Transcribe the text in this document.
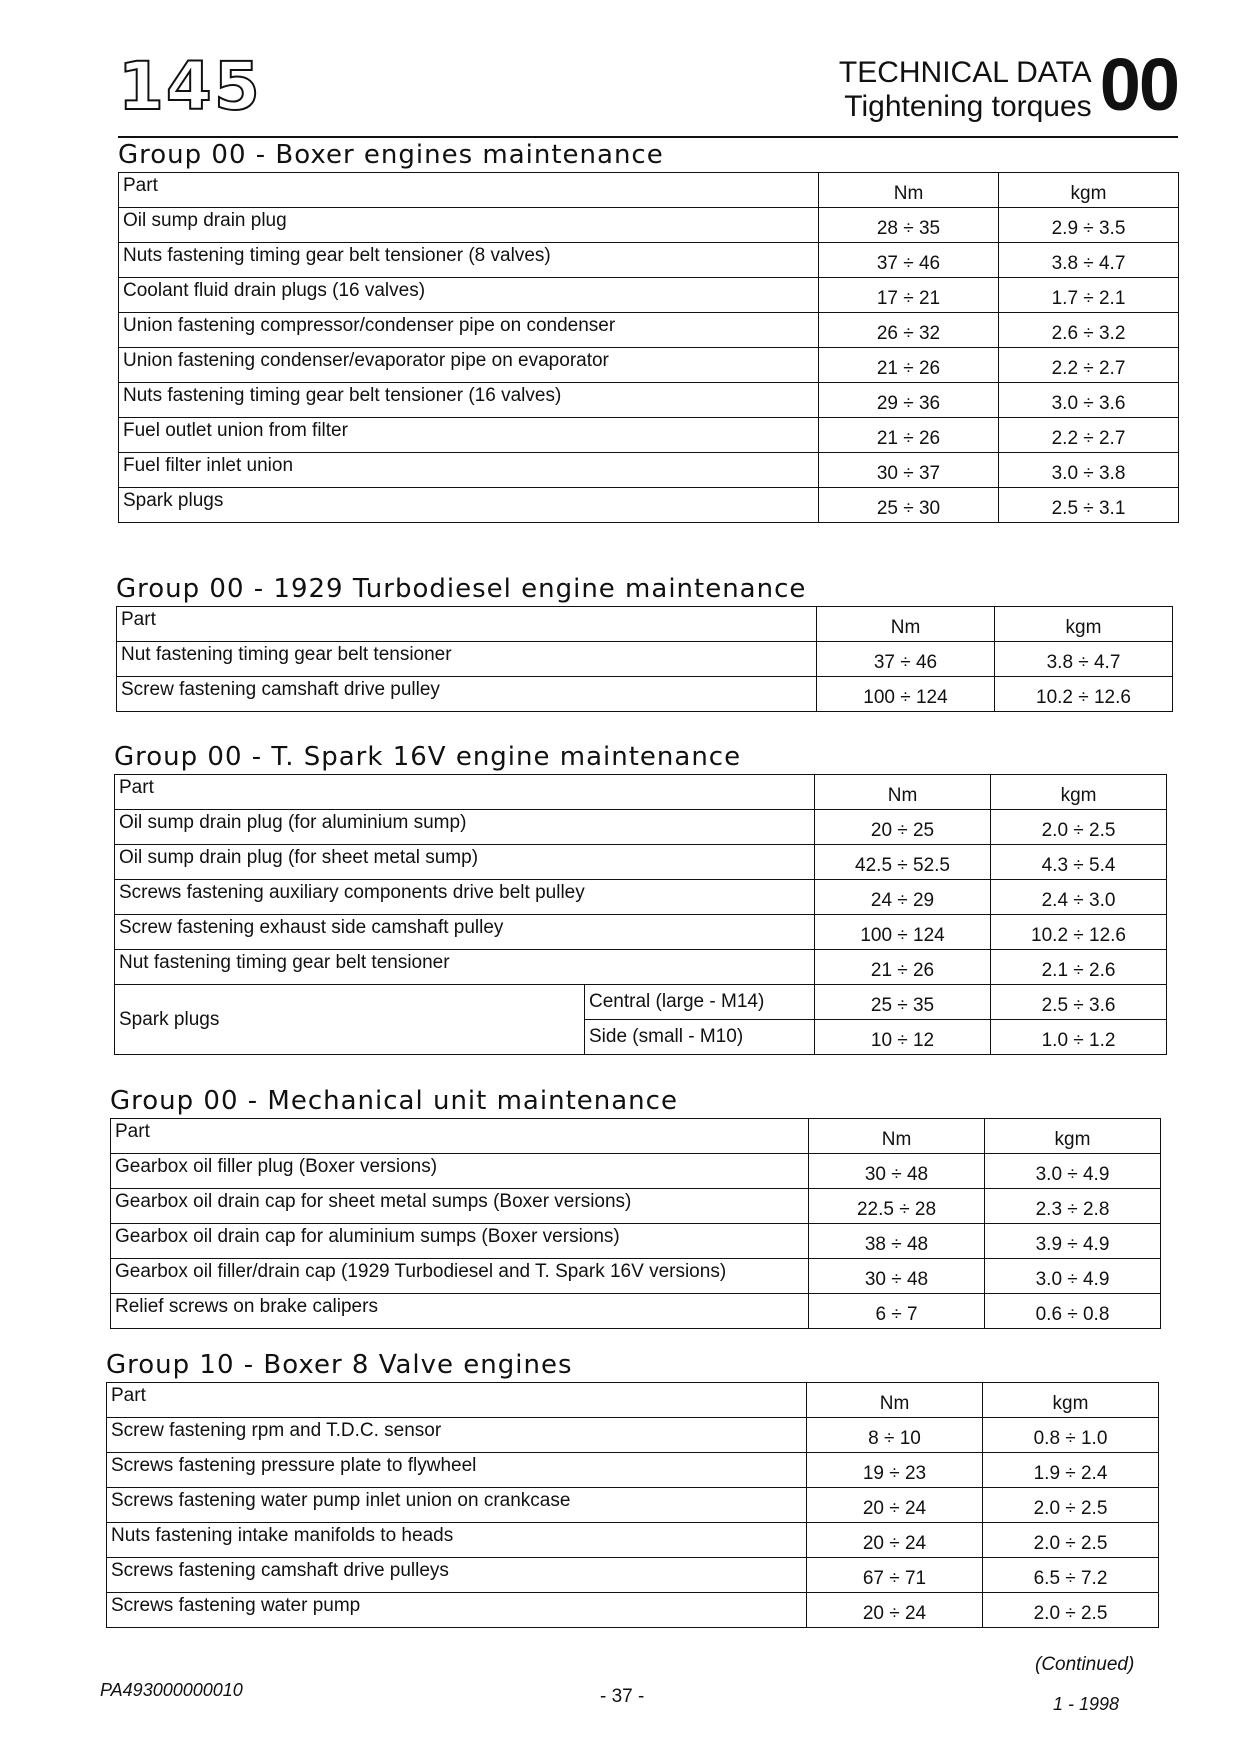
145	TECHNICAL DATA
Tightening torques 00
Group 00 - Boxer engines maintenance
Part	Nm	kgm
Oil sump drain plug	28 ÷ 35	2.9 ÷ 3.5
Nuts fastening timing gear belt tensioner (8 valves)	37 ÷ 46	3.8 ÷ 4.7
Coolant fluid drain plugs (16 valves)	17 ÷ 21	1.7 ÷ 2.1
Union fastening compressor/condenser pipe on condenser	26 ÷ 32	2.6 ÷ 3.2
Union fastening condenser/evaporator pipe on evaporator	21 ÷ 26	2.2 ÷ 2.7
Nuts fastening timing gear belt tensioner (16 valves)	29 ÷ 36	3.0 ÷ 3.6
Fuel outlet union from filter	21 ÷ 26	2.2 ÷ 2.7
Fuel filter inlet union	30 ÷ 37	3.0 ÷ 3.8
Spark plugs	25 ÷ 30	2.5 ÷ 3.1
Group 00 - 1929 Turbodiesel engine maintenance
Part	Nm	kgm
Nut fastening timing gear belt tensioner	37 ÷ 46	3.8 ÷ 4.7
Screw fastening camshaft drive pulley	100 ÷ 124	10.2 ÷ 12.6
Group 00 - T. Spark 16V engine maintenance
Part		Nm	kgm
Oil sump drain plug (for aluminium sump)		20 ÷ 25	2.0 ÷ 2.5
Oil sump drain plug (for sheet metal sump)		42.5 ÷ 52.5	4.3 ÷ 5.4
Screws fastening auxiliary components drive belt pulley		24 ÷ 29	2.4 ÷ 3.0
Screw fastening exhaust side camshaft pulley		100 ÷ 124	10.2 ÷ 12.6
Nut fastening timing gear belt tensioner		21 ÷ 26	2.1 ÷ 2.6
Spark plugs	Central (large - M14)	25 ÷ 35	2.5 ÷ 3.6
	Side (small - M10)	10 ÷ 12	1.0 ÷ 1.2
Group 00 - Mechanical unit maintenance
Part	Nm	kgm
Gearbox oil filler plug (Boxer versions)	30 ÷ 48	3.0 ÷ 4.9
Gearbox oil drain cap for sheet metal sumps (Boxer versions)	22.5 ÷ 28	2.3 ÷ 2.8
Gearbox oil drain cap for aluminium sumps (Boxer versions)	38 ÷ 48	3.9 ÷ 4.9
Gearbox oil filler/drain cap (1929 Turbodiesel and T. Spark 16V versions)	30 ÷ 48	3.0 ÷ 4.9
Relief screws on brake calipers	6 ÷ 7	0.6 ÷ 0.8
Group 10 - Boxer 8 Valve engines
Part	Nm	kgm
Screw fastening rpm and T.D.C. sensor	8 ÷ 10	0.8 ÷ 1.0
Screws fastening pressure plate to flywheel	19 ÷ 23	1.9 ÷ 2.4
Screws fastening water pump inlet union on crankcase	20 ÷ 24	2.0 ÷ 2.5
Nuts fastening intake manifolds to heads	20 ÷ 24	2.0 ÷ 2.5
Screws fastening camshaft drive pulleys	67 ÷ 71	6.5 ÷ 7.2
Screws fastening water pump	20 ÷ 24	2.0 ÷ 2.5
(Continued)
PA493000000010	- 37 -	1 - 1998
